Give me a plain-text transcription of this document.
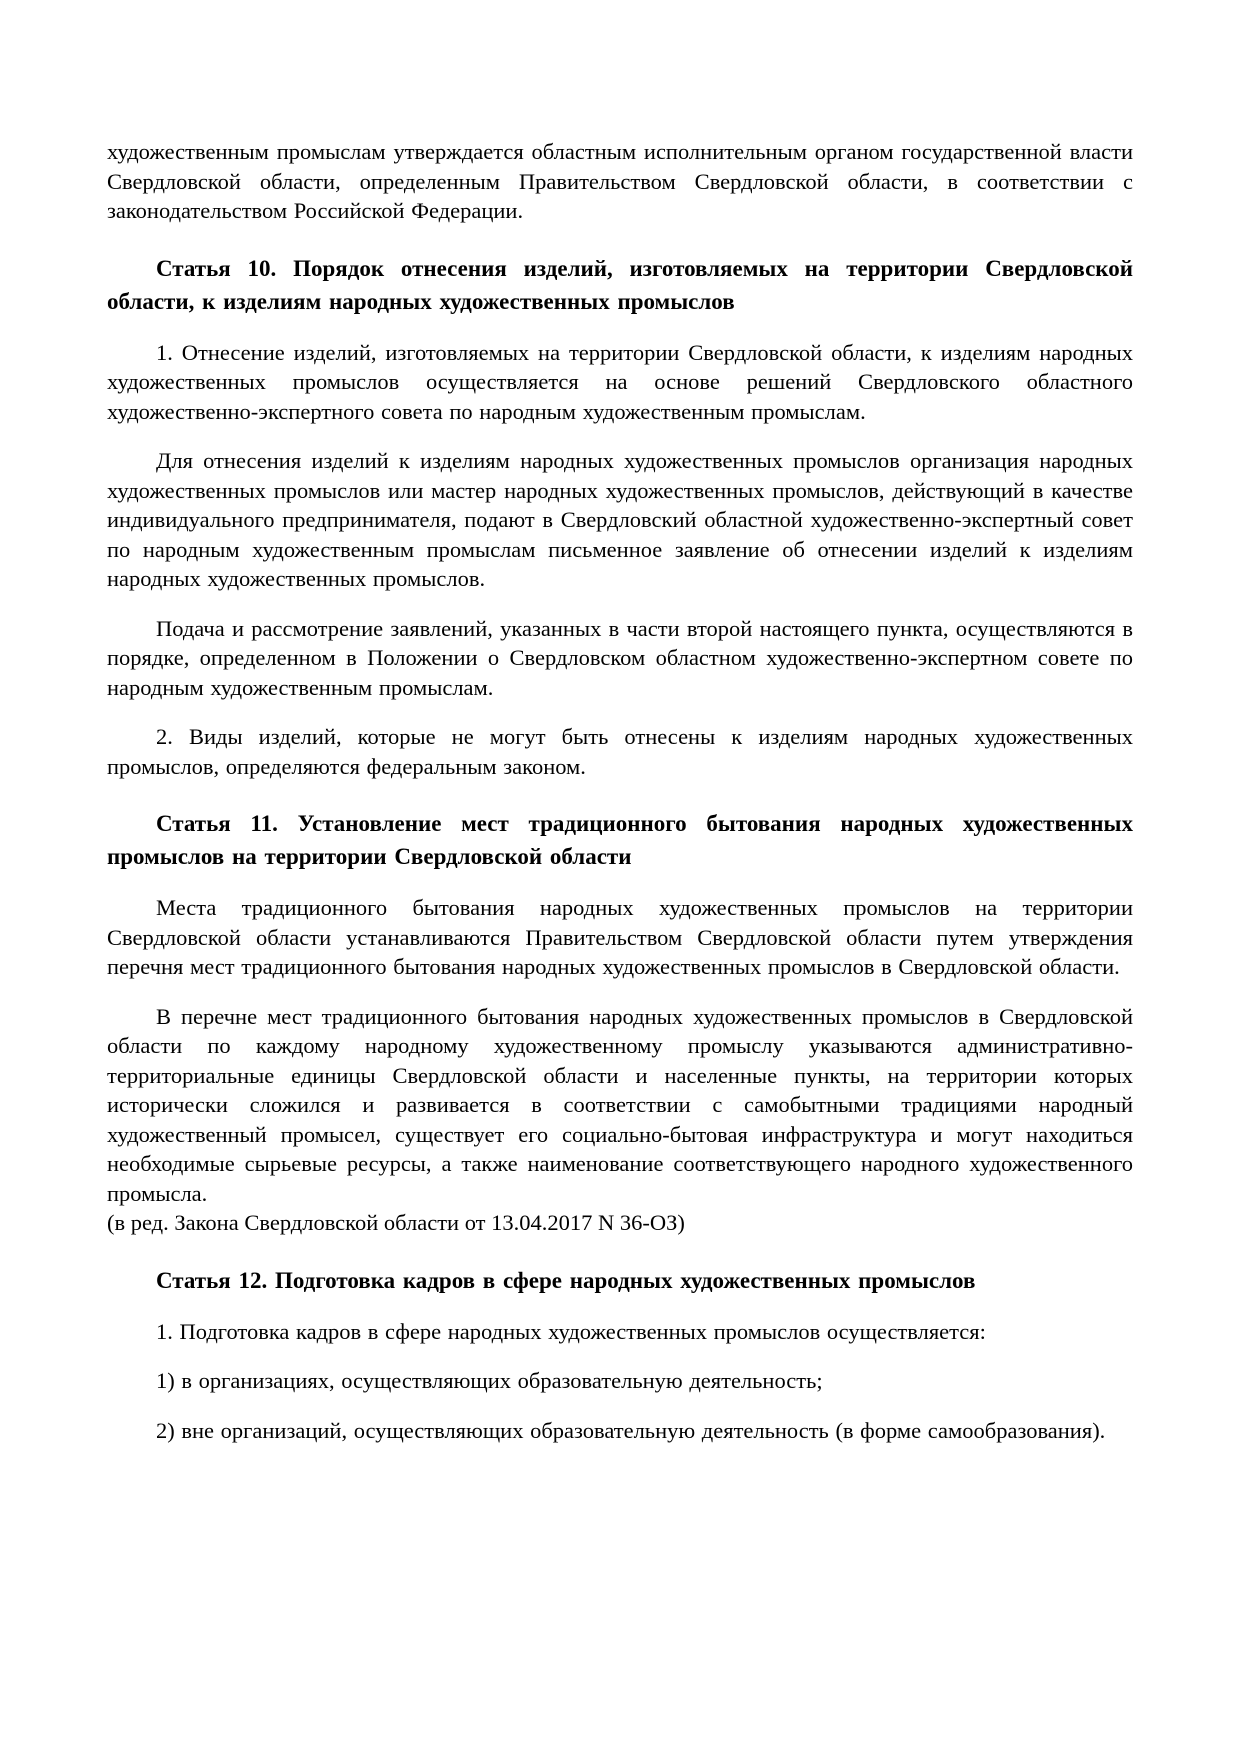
художественным промыслам утверждается областным исполнительным органом государственной власти Свердловской области, определенным Правительством Свердловской области, в соответствии с законодательством Российской Федерации.

Статья 10. Порядок отнесения изделий, изготовляемых на территории Свердловской области, к изделиям народных художественных промыслов

1. Отнесение изделий, изготовляемых на территории Свердловской области, к изделиям народных художественных промыслов осуществляется на основе решений Свердловского областного художественно-экспертного совета по народным художественным промыслам.

Для отнесения изделий к изделиям народных художественных промыслов организация народных художественных промыслов или мастер народных художественных промыслов, действующий в качестве индивидуального предпринимателя, подают в Свердловский областной художественно-экспертный совет по народным художественным промыслам письменное заявление об отнесении изделий к изделиям народных художественных промыслов.

Подача и рассмотрение заявлений, указанных в части второй настоящего пункта, осуществляются в порядке, определенном в Положении о Свердловском областном художественно-экспертном совете по народным художественным промыслам.

2. Виды изделий, которые не могут быть отнесены к изделиям народных художественных промыслов, определяются федеральным законом.

Статья 11. Установление мест традиционного бытования народных художественных промыслов на территории Свердловской области

Места традиционного бытования народных художественных промыслов на территории Свердловской области устанавливаются Правительством Свердловской области путем утверждения перечня мест традиционного бытования народных художественных промыслов в Свердловской области.

В перечне мест традиционного бытования народных художественных промыслов в Свердловской области по каждому народному художественному промыслу указываются административно-территориальные единицы Свердловской области и населенные пункты, на территории которых исторически сложился и развивается в соответствии с самобытными традициями народный художественный промысел, существует его социально-бытовая инфраструктура и могут находиться необходимые сырьевые ресурсы, а также наименование соответствующего народного художественного промысла.

(в ред. Закона Свердловской области от 13.04.2017 N 36-ОЗ)

Статья 12. Подготовка кадров в сфере народных художественных промыслов

1. Подготовка кадров в сфере народных художественных промыслов осуществляется:

1) в организациях, осуществляющих образовательную деятельность;

2) вне организаций, осуществляющих образовательную деятельность (в форме самообразования).
